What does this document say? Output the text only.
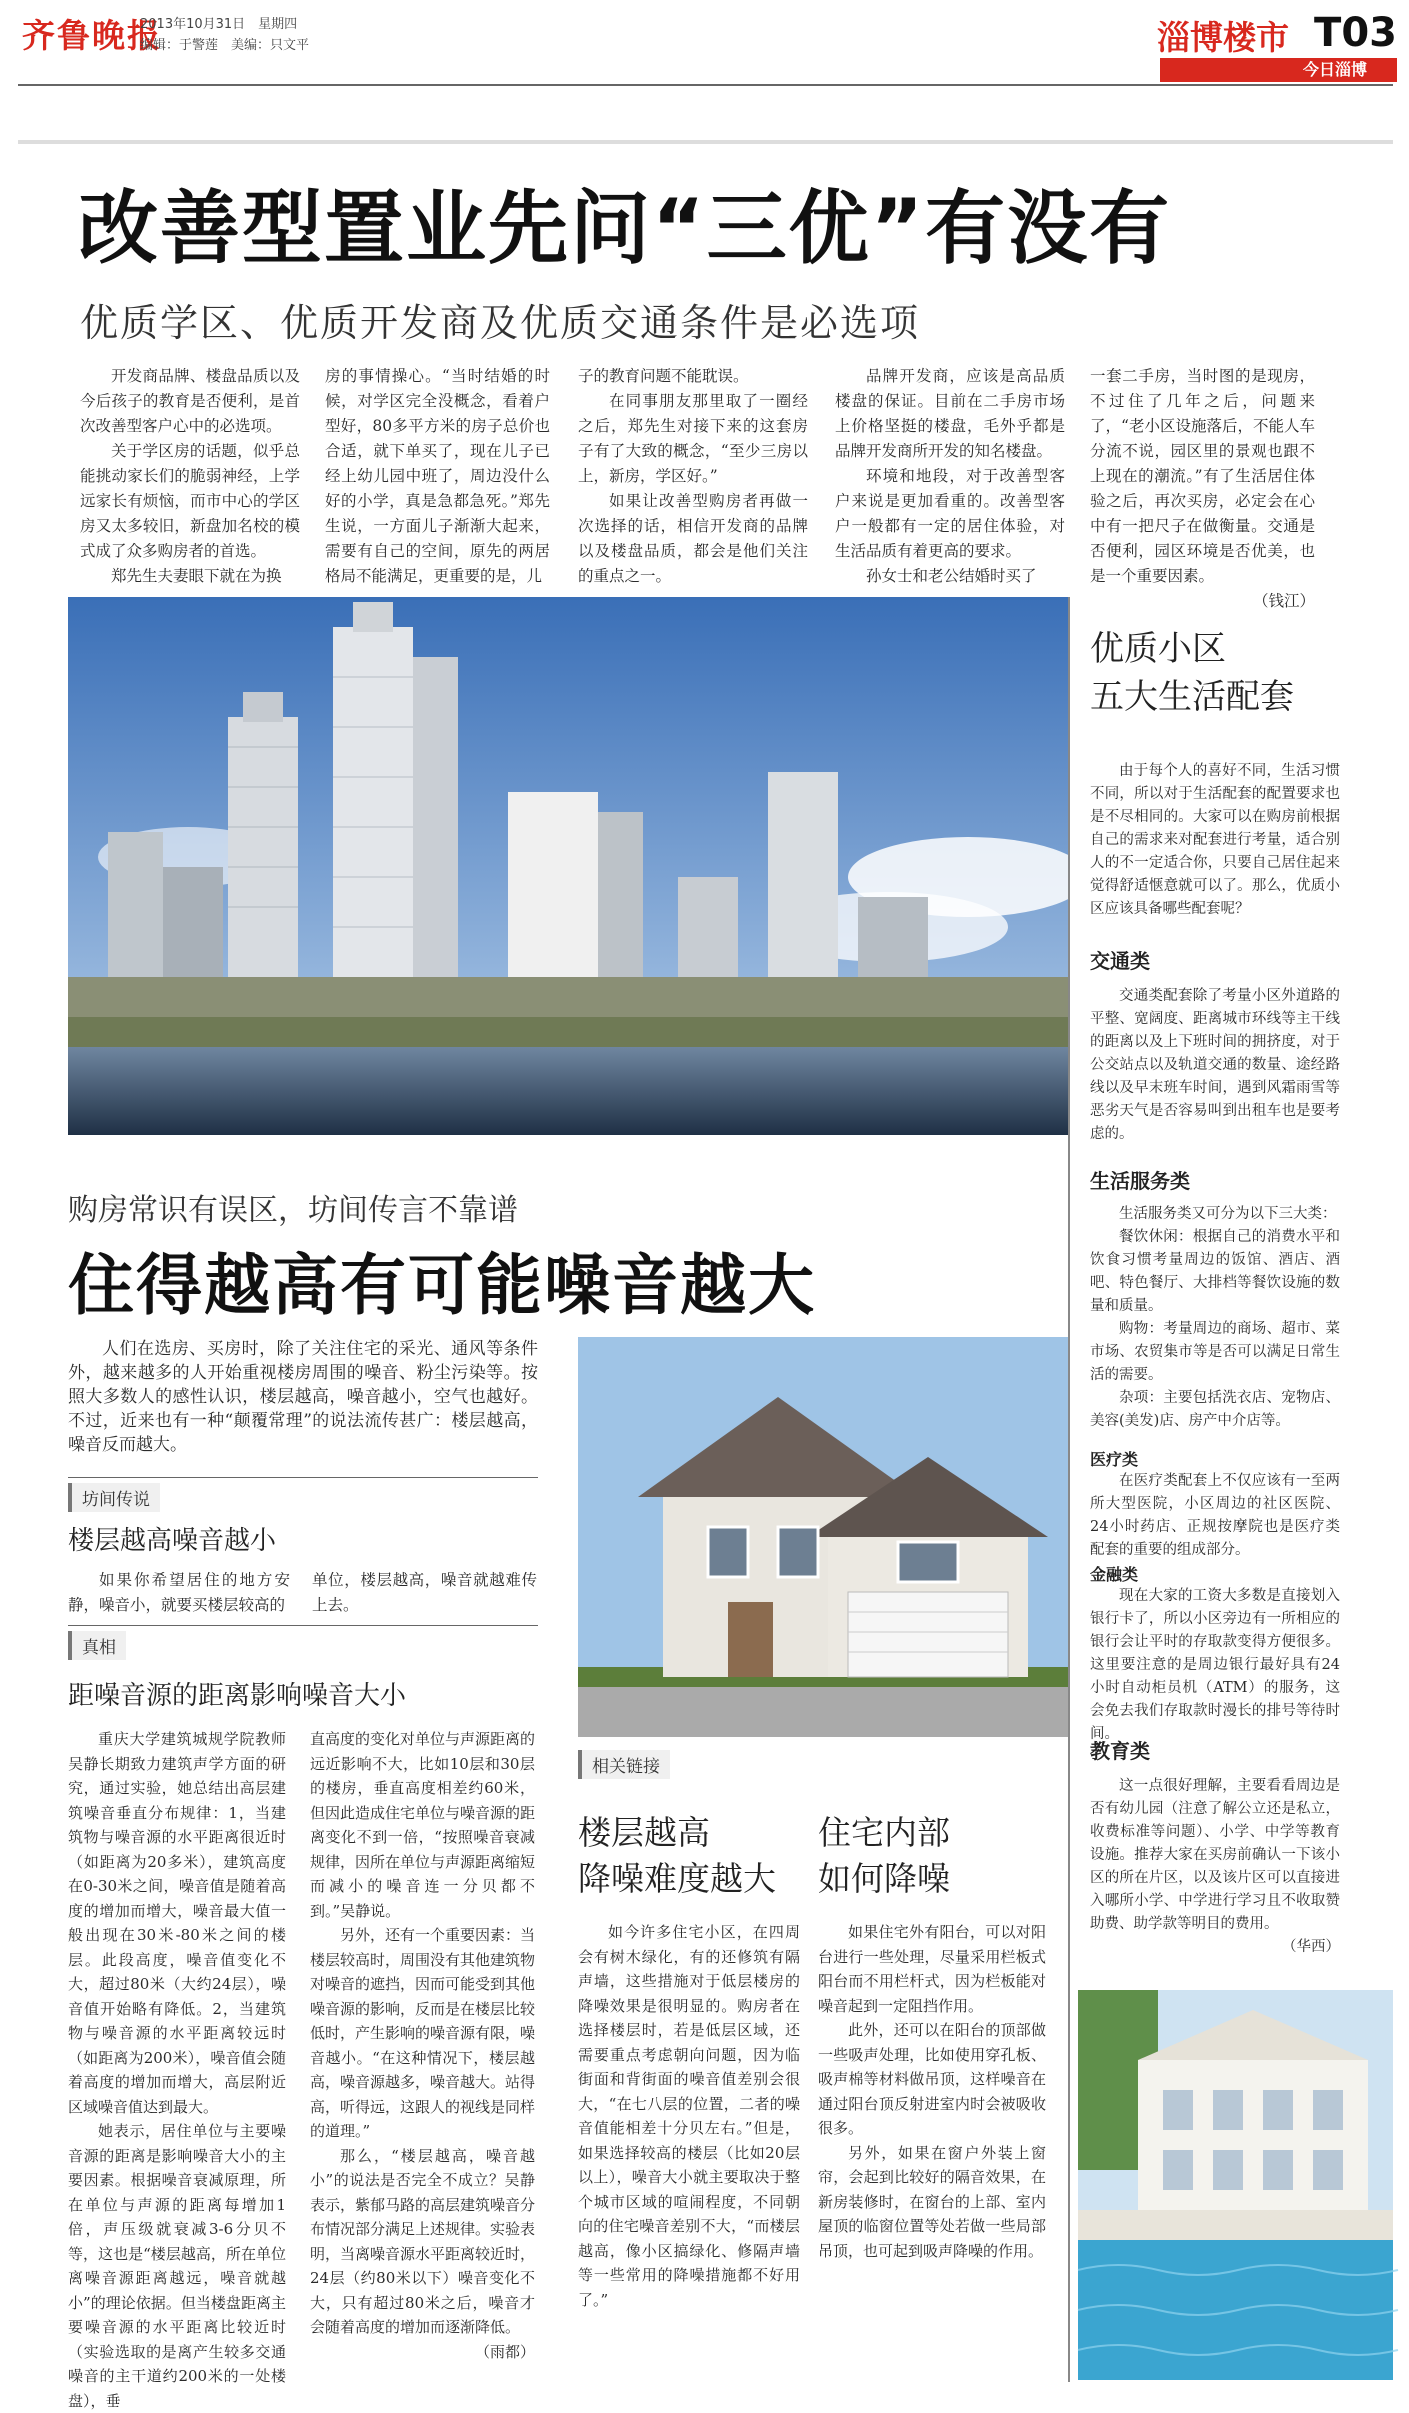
齐鲁晚报
2013年10月31日　星期四
编辑：于警莲　美编：只文平	淄博楼市 T03
今日淄博
改善型置业先问“三优”有没有
优质学区、优质开发商及优质交通条件是必选项

开发商品牌、楼盘品质以及今后孩子的教育是否便利，是首次改善型客户心中的必选项。

关于学区房的话题，似乎总能挑动家长们的脆弱神经，上学远家长有烦恼，而市中心的学区房又太多较旧，新盘加名校的模式成了众多购房者的首选。

郑先生夫妻眼下就在为换

房的事情操心。“当时结婚的时候，对学区完全没概念，看着户型好，80多平方米的房子总价也合适，就下单买了，现在儿子已经上幼儿园中班了，周边没什么好的小学，真是急都急死。”郑先生说，一方面儿子渐渐大起来，需要有自己的空间，原先的两居格局不能满足，更重要的是，儿

子的教育问题不能耽误。

在同事朋友那里取了一圈经之后，郑先生对接下来的这套房子有了大致的概念，“至少三房以上，新房，学区好。”

如果让改善型购房者再做一次选择的话，相信开发商的品牌以及楼盘品质，都会是他们关注的重点之一。

品牌开发商，应该是高品质楼盘的保证。目前在二手房市场上价格坚挺的楼盘，毛外乎都是品牌开发商所开发的知名楼盘。

环境和地段，对于改善型客户来说是更加看重的。改善型客户一般都有一定的居住体验，对生活品质有着更高的要求。

孙女士和老公结婚时买了

一套二手房，当时图的是现房，不过住了几年之后，问题来了，“老小区设施落后，不能人车分流不说，园区里的景观也跟不上现在的潮流。”有了生活居住体验之后，再次买房，必定会在心中有一把尺子在做衡量。交通是否便利，园区环境是否优美，也是一个重要因素。

（钱江）

购房常识有误区，坊间传言不靠谱
住得越高有可能噪音越大
人们在选房、买房时，除了关注住宅的采光、通风等条件外，越来越多的人开始重视楼房周围的噪音、粉尘污染等。按照大多数人的感性认识，楼层越高，噪音越小，空气也越好。不过，近来也有一种“颠覆常理”的说法流传甚广：楼层越高，噪音反而越大。
坊间传说
楼层越高噪音越小
如果你希望居住的地方安静，噪音小，就要买楼层较高的
单位，楼层越高，噪音就越难传上去。
真相
距噪音源的距离影响噪音大小

重庆大学建筑城规学院教师吴静长期致力建筑声学方面的研究，通过实验，她总结出高层建筑噪音垂直分布规律：1，当建筑物与噪音源的水平距离很近时（如距离为20多米），建筑高度在0-30米之间，噪音值是随着高度的增加而增大，噪音最大值一般出现在30米-80米之间的楼层。此段高度，噪音值变化不大，超过80米（大约24层），噪音值开始略有降低。2，当建筑物与噪音源的水平距离较远时（如距离为200米），噪音值会随着高度的增加而增大，高层附近区域噪音值达到最大。

她表示，居住单位与主要噪音源的距离是影响噪音大小的主要因素。根据噪音衰减原理，所在单位与声源的距离每增加1倍，声压级就衰减3-6分贝不等，这也是“楼层越高，所在单位离噪音源距离越远，噪音就越小”的理论依据。但当楼盘距离主要噪音源的水平距离比较近时（实验选取的是离产生较多交通噪音的主干道约200米的一处楼盘），垂

直高度的变化对单位与声源距离的远近影响不大，比如10层和30层的楼房，垂直高度相差约60米，但因此造成住宅单位与噪音源的距离变化不到一倍，“按照噪音衰减规律，因所在单位与声源距离缩短而减小的噪音连一分贝都不到。”吴静说。

另外，还有一个重要因素：当楼层较高时，周围没有其他建筑物对噪音的遮挡，因而可能受到其他噪音源的影响，反而是在楼层比较低时，产生影响的噪音源有限，噪音越小。“在这种情况下，楼层越高，噪音源越多，噪音越大。站得高，听得远，这跟人的视线是同样的道理。”

那么，“楼层越高，噪音越小”的说法是否完全不成立？吴静表示，紫郁马路的高层建筑噪音分布情况部分满足上述规律。实验表明，当离噪音源水平距离较近时，24层（约80米以下）噪音变化不大，只有超过80米之后，噪音才会随着高度的增加而逐渐降低。

（雨都）

相关链接
楼层越高
降噪难度越大

如今许多住宅小区，在四周会有树木绿化，有的还修筑有隔声墙，这些措施对于低层楼房的降噪效果是很明显的。购房者在选择楼层时，若是低层区域，还需要重点考虑朝向问题，因为临街面和背街面的噪音值差别会很大，“在七八层的位置，二者的噪音值能相差十分贝左右。”但是，如果选择较高的楼层（比如20层以上），噪音大小就主要取决于整个城市区域的喧闹程度，不同朝向的住宅噪音差别不大，“而楼层越高，像小区搞绿化、修隔声墙等一些常用的降噪措施都不好用了。”

住宅内部
如何降噪

如果住宅外有阳台，可以对阳台进行一些处理，尽量采用栏板式阳台而不用栏杆式，因为栏板能对噪音起到一定阻挡作用。

此外，还可以在阳台的顶部做一些吸声处理，比如使用穿孔板、吸声棉等材料做吊顶，这样噪音在通过阳台顶反射进室内时会被吸收很多。

另外，如果在窗户外装上窗帘，会起到比较好的隔音效果，在新房装修时，在窗台的上部、室内屋顶的临窗位置等处若做一些局部吊顶，也可起到吸声降噪的作用。

优质小区
五大生活配套
由于每个人的喜好不同，生活习惯不同，所以对于生活配套的配置要求也是不尽相同的。大家可以在购房前根据自己的需求来对配套进行考量，适合别人的不一定适合你，只要自己居住起来觉得舒适惬意就可以了。那么，优质小区应该具备哪些配套呢？
交通类
交通类配套除了考量小区外道路的平整、宽阔度、距离城市环线等主干线的距离以及上下班时间的拥挤度，对于公交站点以及轨道交通的数量、途经路线以及早末班车时间，遇到风霜雨雪等恶劣天气是否容易叫到出租车也是要考虑的。
生活服务类

生活服务类又可分为以下三大类：

餐饮休闲：根据自己的消费水平和饮食习惯考量周边的饭馆、酒店、酒吧、特色餐厅、大排档等餐饮设施的数量和质量。

购物：考量周边的商场、超市、菜市场、农贸集市等是否可以满足日常生活的需要。

杂项：主要包括洗衣店、宠物店、美容(美发)店、房产中介店等。

医疗类
在医疗类配套上不仅应该有一至两所大型医院，小区周边的社区医院、24小时药店、正规按摩院也是医疗类配套的重要的组成部分。
金融类
现在大家的工资大多数是直接划入银行卡了，所以小区旁边有一所相应的银行会让平时的存取款变得方便很多。这里要注意的是周边银行最好具有24小时自动柜员机（ATM）的服务，这会免去我们存取款时漫长的排号等待时间。
教育类

这一点很好理解，主要看看周边是否有幼儿园（注意了解公立还是私立，收费标准等问题）、小学、中学等教育设施。推荐大家在买房前确认一下该小区的所在片区，以及该片区可以直接进入哪所小学、中学进行学习且不收取赞助费、助学款等明目的费用。

（华西）
